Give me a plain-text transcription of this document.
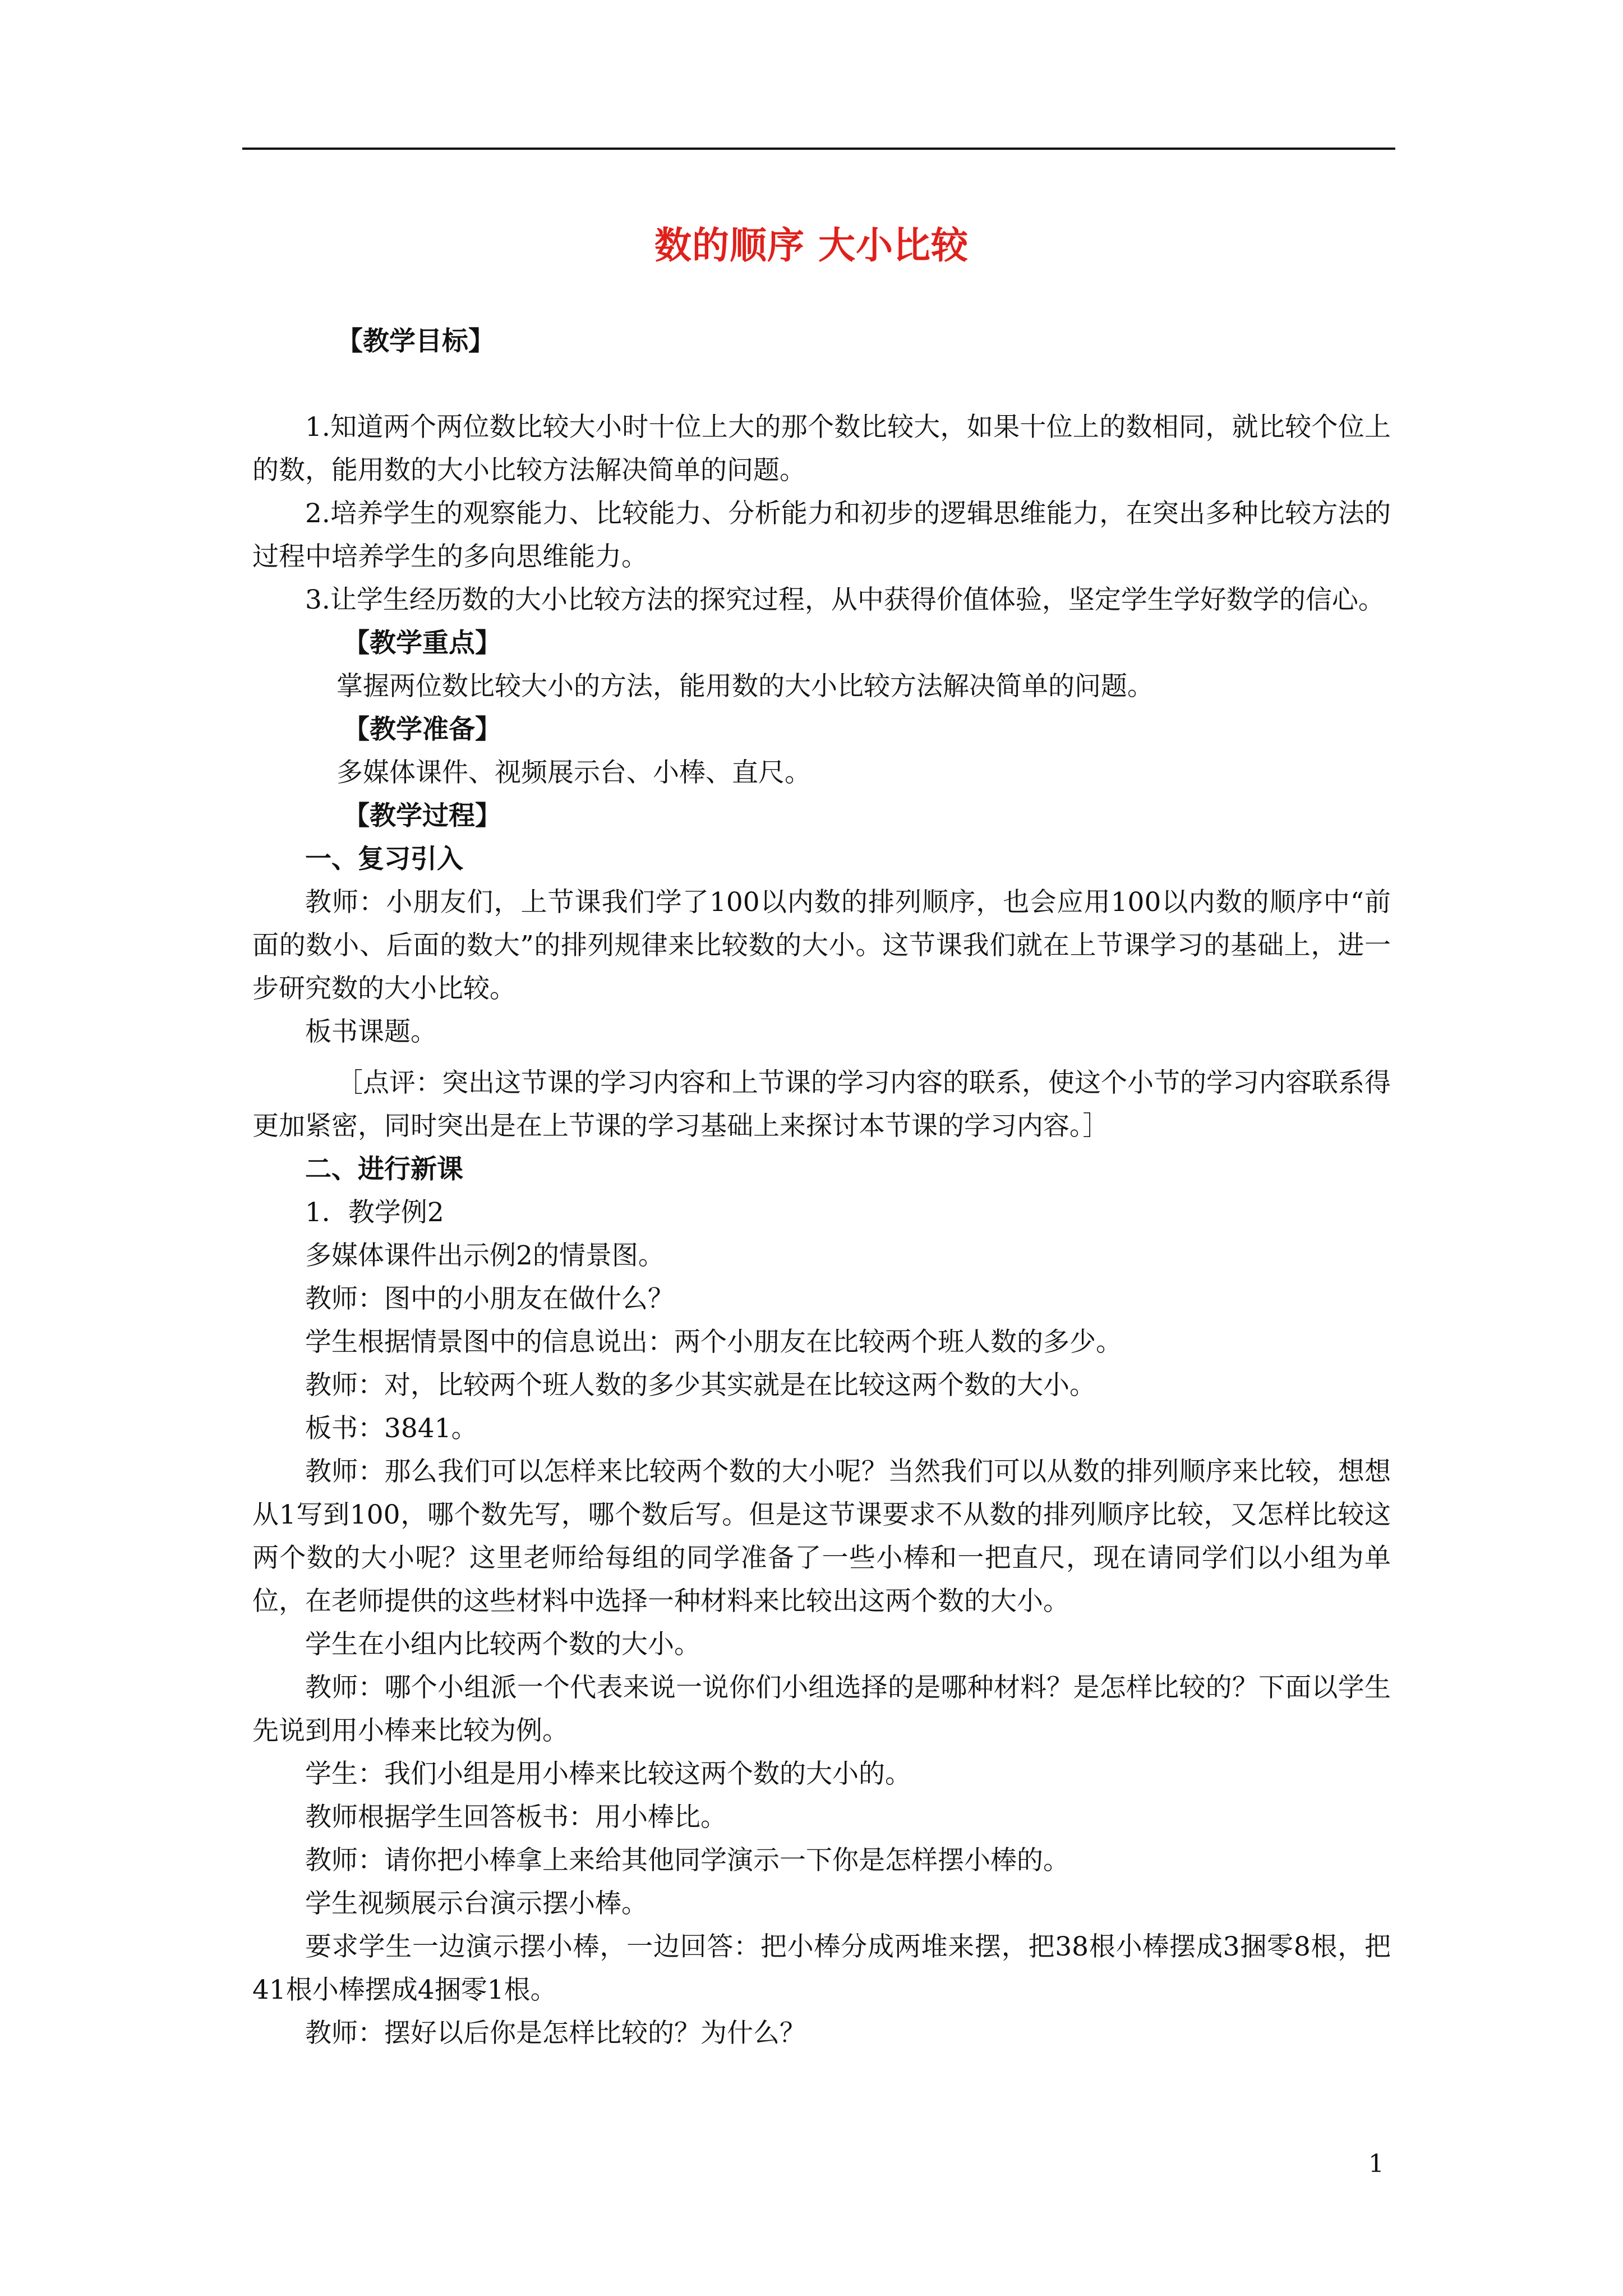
数的顺序 大小比较

【教学目标】

1.知道两个两位数比较大小时十位上大的那个数比较大，如果十位上的数相同，就比较个位上的数，能用数的大小比较方法解决简单的问题。

2.培养学生的观察能力、比较能力、分析能力和初步的逻辑思维能力，在突出多种比较方法的过程中培养学生的多向思维能力。

3.让学生经历数的大小比较方法的探究过程，从中获得价值体验，坚定学生学好数学的信心。

【教学重点】

掌握两位数比较大小的方法，能用数的大小比较方法解决简单的问题。

【教学准备】

多媒体课件、视频展示台、小棒、直尺。

【教学过程】

一、复习引入

教师：小朋友们，上节课我们学了100以内数的排列顺序，也会应用100以内数的顺序中“前面的数小、后面的数大”的排列规律来比较数的大小。这节课我们就在上节课学习的基础上，进一步研究数的大小比较。

板书课题。

［点评：突出这节课的学习内容和上节课的学习内容的联系，使这个小节的学习内容联系得更加紧密，同时突出是在上节课的学习基础上来探讨本节课的学习内容。］

二、进行新课

1．教学例2

多媒体课件出示例2的情景图。

教师：图中的小朋友在做什么？

学生根据情景图中的信息说出：两个小朋友在比较两个班人数的多少。

教师：对，比较两个班人数的多少其实就是在比较这两个数的大小。

板书：3841。

教师：那么我们可以怎样来比较两个数的大小呢？当然我们可以从数的排列顺序来比较，想想从1写到100，哪个数先写，哪个数后写。但是这节课要求不从数的排列顺序比较，又怎样比较这两个数的大小呢？这里老师给每组的同学准备了一些小棒和一把直尺，现在请同学们以小组为单位，在老师提供的这些材料中选择一种材料来比较出这两个数的大小。

学生在小组内比较两个数的大小。

教师：哪个小组派一个代表来说一说你们小组选择的是哪种材料？是怎样比较的？下面以学生先说到用小棒来比较为例。

学生：我们小组是用小棒来比较这两个数的大小的。

教师根据学生回答板书：用小棒比。

教师：请你把小棒拿上来给其他同学演示一下你是怎样摆小棒的。

学生视频展示台演示摆小棒。

要求学生一边演示摆小棒，一边回答：把小棒分成两堆来摆，把38根小棒摆成3捆零8根，把41根小棒摆成4捆零1根。

教师：摆好以后你是怎样比较的？为什么？

1
